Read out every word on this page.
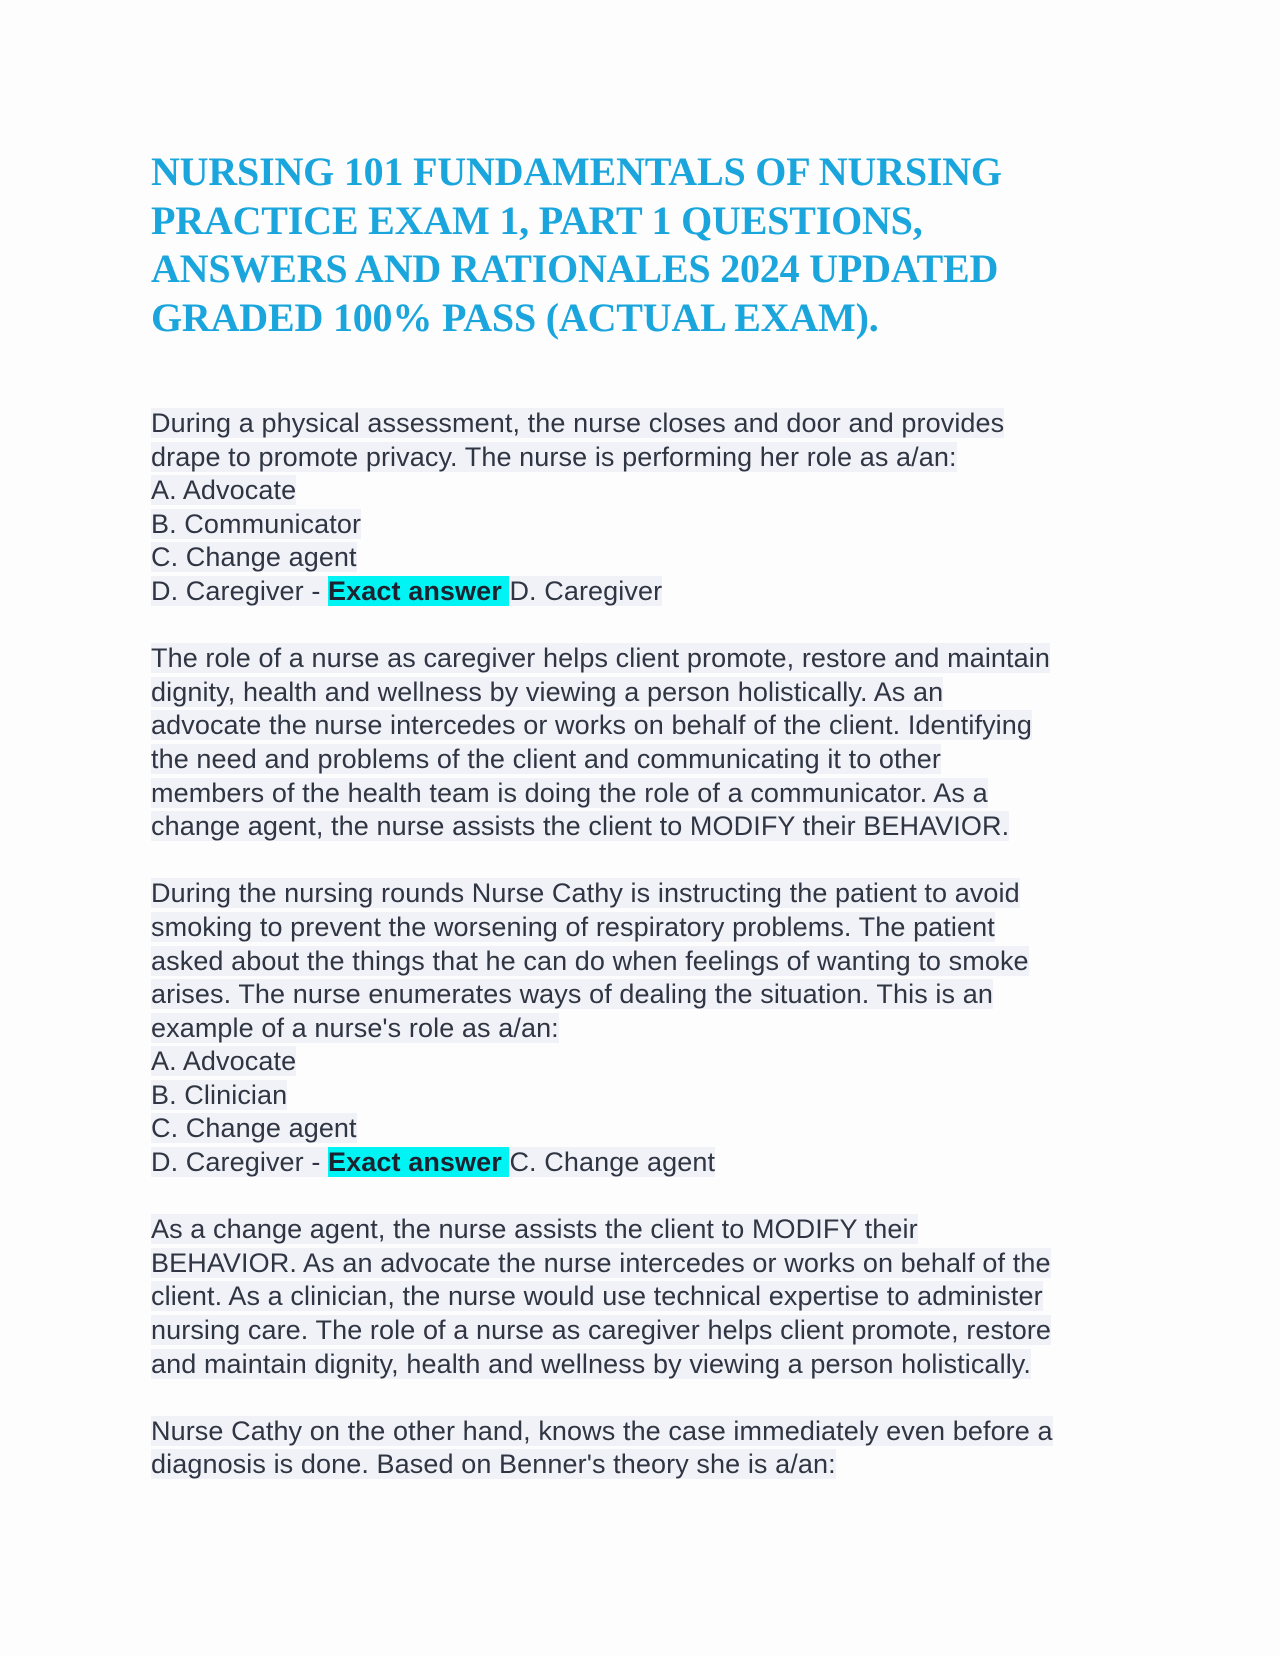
NURSING 101 FUNDAMENTALS OF NURSING
PRACTICE EXAM 1, PART 1 QUESTIONS,
ANSWERS AND RATIONALES 2024 UPDATED
GRADED 100% PASS (ACTUAL EXAM).
During a physical assessment, the nurse closes and door and provides
drape to promote privacy. The nurse is performing her role as a/an:
A. Advocate
B. Communicator
C. Change agent
D. Caregiver - Exact answer D. Caregiver
The role of a nurse as caregiver helps client promote, restore and maintain
dignity, health and wellness by viewing a person holistically. As an
advocate the nurse intercedes or works on behalf of the client. Identifying
the need and problems of the client and communicating it to other
members of the health team is doing the role of a communicator. As a
change agent, the nurse assists the client to MODIFY their BEHAVIOR.
During the nursing rounds Nurse Cathy is instructing the patient to avoid
smoking to prevent the worsening of respiratory problems. The patient
asked about the things that he can do when feelings of wanting to smoke
arises. The nurse enumerates ways of dealing the situation. This is an
example of a nurse's role as a/an:
A. Advocate
B. Clinician
C. Change agent
D. Caregiver - Exact answer C. Change agent
As a change agent, the nurse assists the client to MODIFY their
BEHAVIOR. As an advocate the nurse intercedes or works on behalf of the
client. As a clinician, the nurse would use technical expertise to administer
nursing care. The role of a nurse as caregiver helps client promote, restore
and maintain dignity, health and wellness by viewing a person holistically.
Nurse Cathy on the other hand, knows the case immediately even before a
diagnosis is done. Based on Benner's theory she is a/an:
